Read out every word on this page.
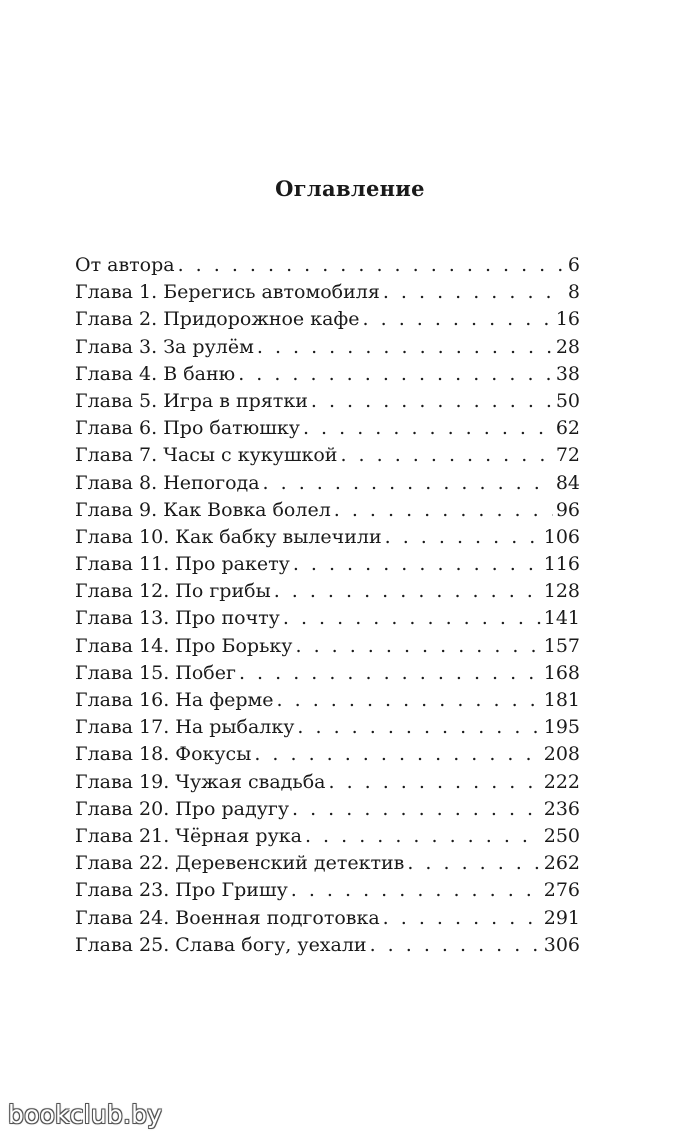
Оглавление
От автора . . .	6
Глава 1. Берегись автомобиля . . .	8
Глава 2. Придорожное кафе . . .	16
Глава 3. За рулём . . .	28
Глава 4. В баню . . .	38
Глава 5. Игра в прятки . . .	50
Глава 6. Про батюшку . . .	62
Глава 7. Часы с кукушкой . . .	72
Глава 8. Непогода . . .	84
Глава 9. Как Вовка болел . . .	96
Глава 10. Как бабку вылечили . . .	106
Глава 11. Про ракету . . .	116
Глава 12. По грибы . . .	128
Глава 13. Про почту . . .	141
Глава 14. Про Борьку . . .	157
Глава 15. Побег . . .	168
Глава 16. На ферме . . .	181
Глава 17. На рыбалку . . .	195
Глава 18. Фокусы . . .	208
Глава 19. Чужая свадьба . . .	222
Глава 20. Про радугу . . .	236
Глава 21. Чёрная рука . . .	250
Глава 22. Деревенский детектив . . .	262
Глава 23. Про Гришу . . .	276
Глава 24. Военная подготовка . . .	291
Глава 25. Слава богу, уехали . . .	306
bookclub.by
